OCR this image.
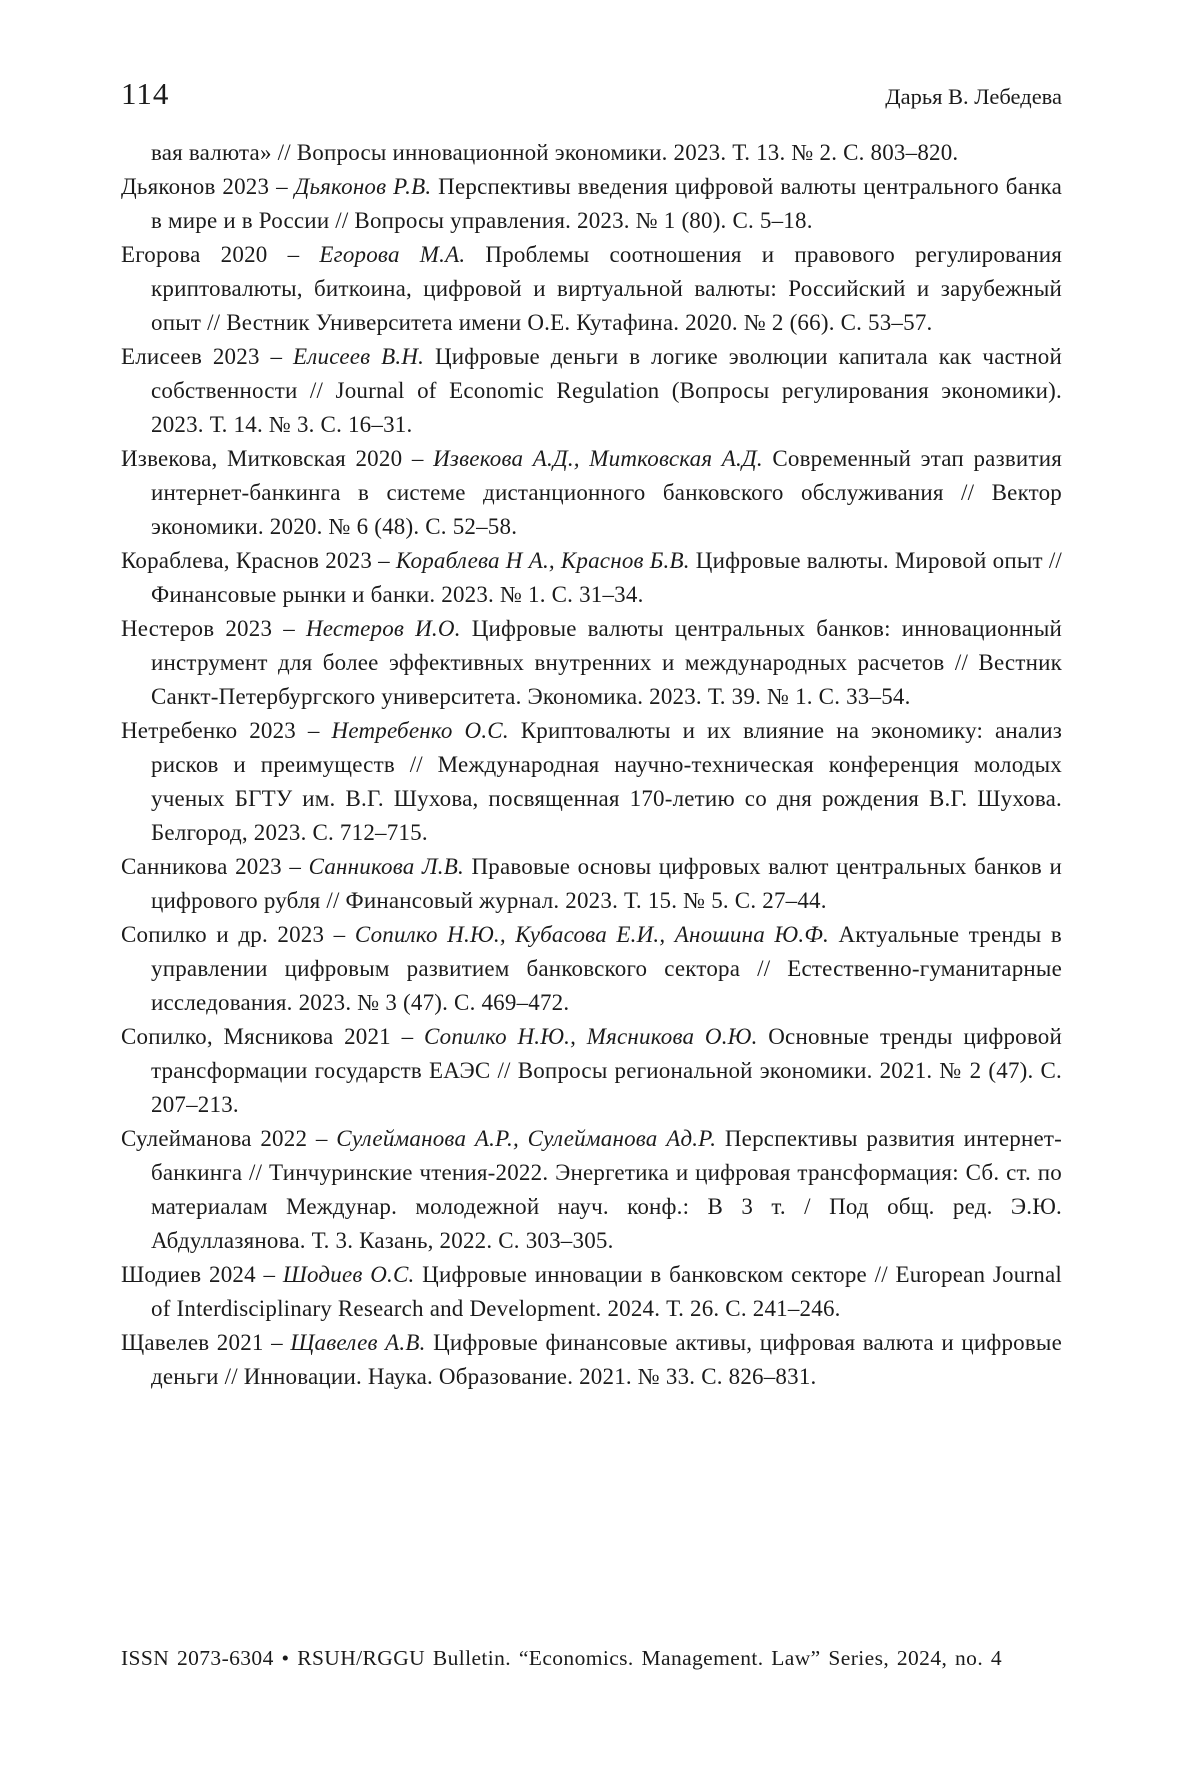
114	Дарья В. Лебедева
вая валюта» // Вопросы инновационной экономики. 2023. Т. 13. № 2. С. 803–820.
Дьяконов 2023 – Дьяконов Р.В. Перспективы введения цифровой валюты центрального банка в мире и в России // Вопросы управления. 2023. № 1 (80). С. 5–18.
Егорова 2020 – Егорова М.А. Проблемы соотношения и правового регулирования криптовалюты, биткоина, цифровой и виртуальной валюты: Российский и зарубежный опыт // Вестник Университета имени О.Е. Кутафина. 2020. № 2 (66). С. 53–57.
Елисеев 2023 – Елисеев В.Н. Цифровые деньги в логике эволюции капитала как частной собственности // Journal of Economic Regulation (Вопросы регулирования экономики). 2023. Т. 14. № 3. С. 16–31.
Извекова, Митковская 2020 – Извекова А.Д., Митковская А.Д. Современный этап развития интернет-банкинга в системе дистанционного банковского обслуживания // Вектор экономики. 2020. № 6 (48). С. 52–58.
Кораблева, Краснов 2023 – Кораблева Н А., Краснов Б.В. Цифровые валюты. Мировой опыт // Финансовые рынки и банки. 2023. № 1. С. 31–34.
Нестеров 2023 – Нестеров И.О. Цифровые валюты центральных банков: инновационный инструмент для более эффективных внутренних и международных расчетов // Вестник Санкт-Петербургского университета. Экономика. 2023. Т. 39. № 1. С. 33–54.
Нетребенко 2023 – Нетребенко О.С. Криптовалюты и их влияние на экономику: анализ рисков и преимуществ // Международная научно-техническая конференция молодых ученых БГТУ им. В.Г. Шухова, посвященная 170-летию со дня рождения В.Г. Шухова. Белгород, 2023. С. 712–715.
Санникова 2023 – Санникова Л.В. Правовые основы цифровых валют центральных банков и цифрового рубля // Финансовый журнал. 2023. Т. 15. № 5. С. 27–44.
Сопилко и др. 2023 – Сопилко Н.Ю., Кубасова Е.И., Аношина Ю.Ф. Актуальные тренды в управлении цифровым развитием банковского сектора // Естественно-гуманитарные исследования. 2023. № 3 (47). С. 469–472.
Сопилко, Мясникова 2021 – Сопилко Н.Ю., Мясникова О.Ю. Основные тренды цифровой трансформации государств ЕАЭС // Вопросы региональной экономики. 2021. № 2 (47). С. 207–213.
Сулейманова 2022 – Сулейманова А.Р., Сулейманова Ад.Р. Перспективы развития интернет-банкинга // Тинчуринские чтения-2022. Энергетика и цифровая трансформация: Сб. ст. по материалам Междунар. молодежной науч. конф.: В 3 т. / Под общ. ред. Э.Ю. Абдуллазянова. Т. 3. Казань, 2022. С. 303–305.
Шодиев 2024 – Шодиев О.С. Цифровые инновации в банковском секторе // European Journal of Interdisciplinary Research and Development. 2024. Т. 26. С. 241–246.
Щавелев 2021 – Щавелев А.В. Цифровые финансовые активы, цифровая валюта и цифровые деньги // Инновации. Наука. Образование. 2021. № 33. С. 826–831.
ISSN 2073-6304 • RSUH/RGGU Bulletin. “Economics. Management. Law” Series, 2024, no. 4
